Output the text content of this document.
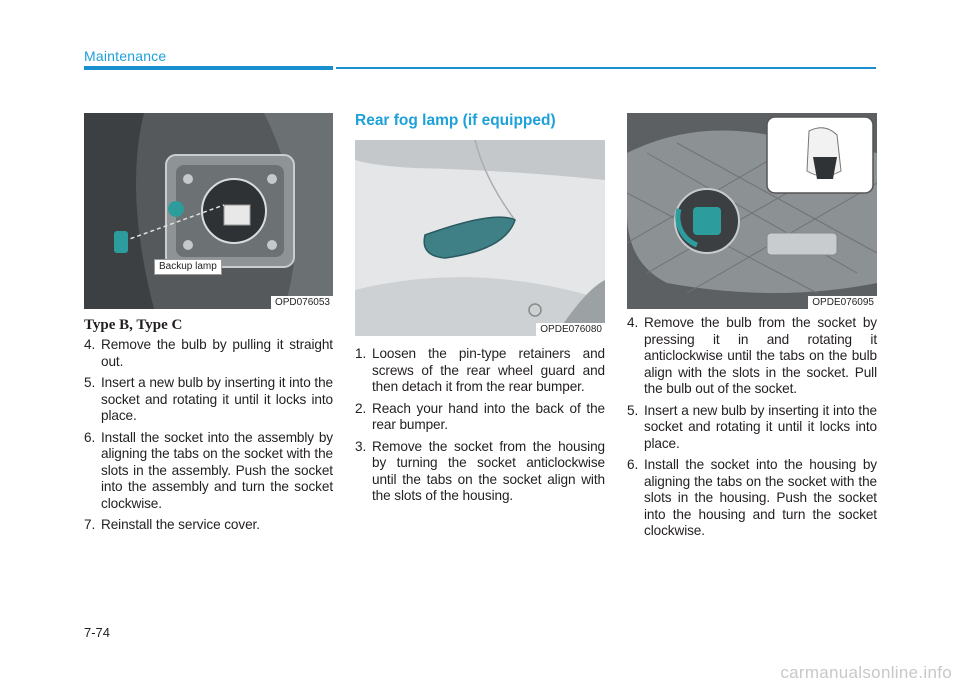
Maintenance
Backup lamp
OPD076053
OPDE076080
OPDE076095
Type B, Type C
4. Remove the bulb by pulling it straight out.
5. Insert a new bulb by inserting it into the socket and rotating it until it locks into place.
6. Install the socket into the assembly by aligning the tabs on the socket with the slots in the assembly. Push the socket into the assembly and turn the socket clockwise.
7. Reinstall the service cover.
Rear fog lamp (if equipped)
1. Loosen the pin-type retainers and screws of the rear wheel guard and then detach it from the rear bumper.
2. Reach your hand into the back of the rear bumper.
3. Remove the socket from the housing by turning the socket anticlockwise until the tabs on the socket align with the slots of the housing.
4. Remove the bulb from the socket by pressing it in and rotating it anticlockwise until the tabs on the bulb align with the slots in the socket. Pull the bulb out of the socket.
5. Insert a new bulb by inserting it into the socket and rotating it until it locks into place.
6. Install the socket into the housing by aligning the tabs on the socket with the slots in the housing. Push the socket into the housing and turn the socket clockwise.
7-74
carmanualsonline.info
